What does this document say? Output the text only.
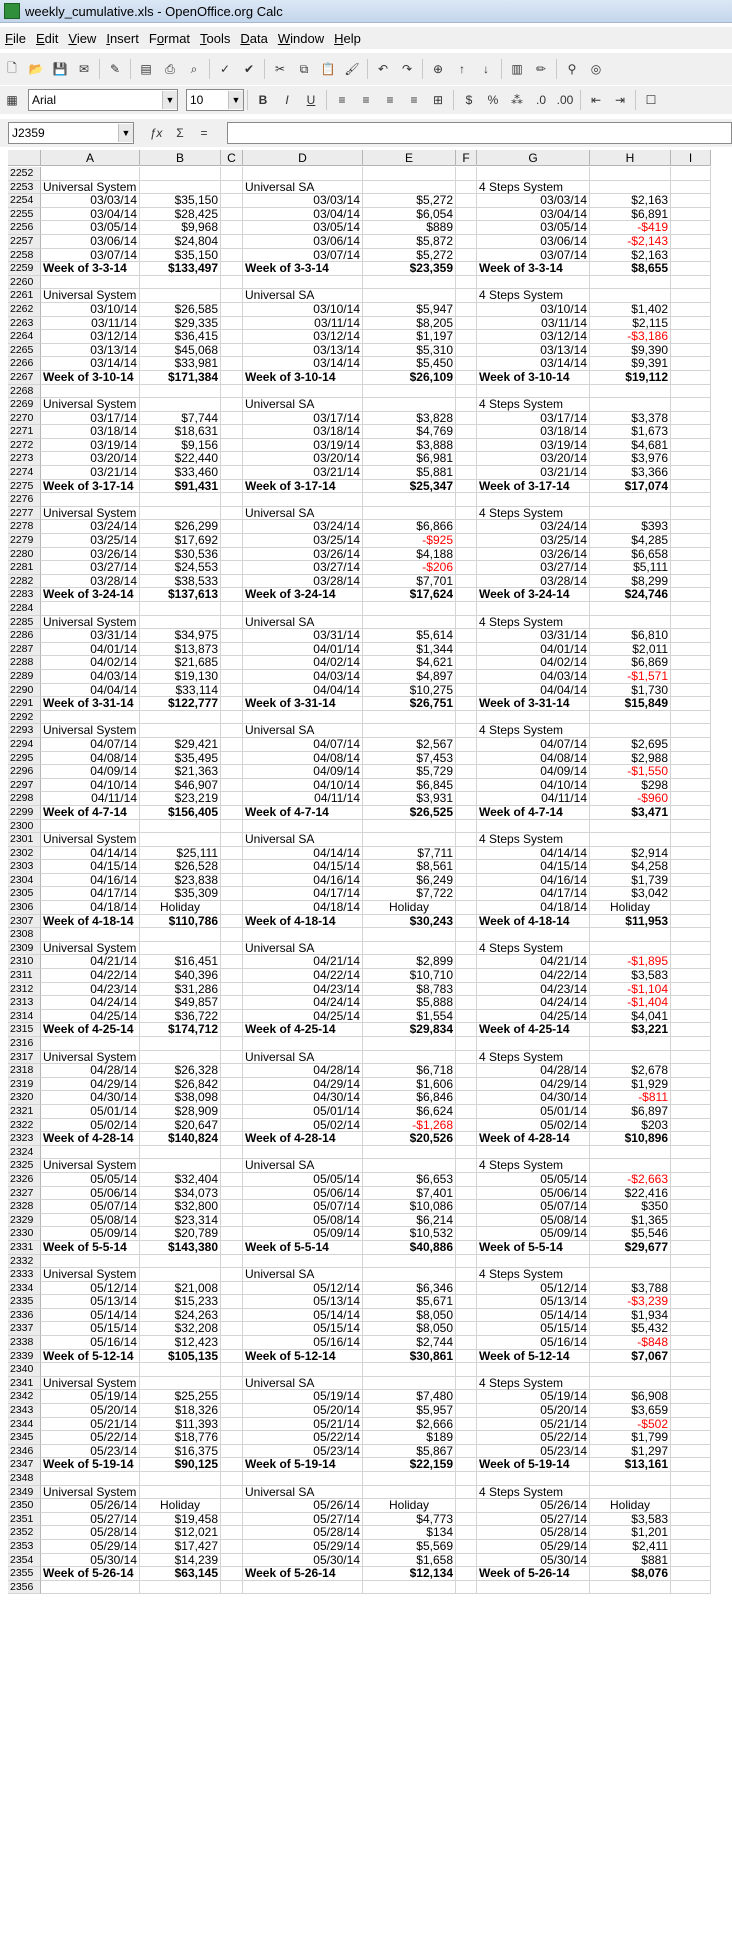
weekly_cumulative.xls - OpenOffice.org Calc
File Edit View Insert Format Tools Data Window Help
🗋 📂 💾 ✉	✎	▤	⎙	⌕	✓	✔	✂	⧉	📋 🖌	↶	↷	⊕	↑	↓	▥	✏	⚲	◎
▦	Arial	▼ 10	▼	B	I	U	≡	≡	≡	≡	⊞	$	%	⁂	.0 .00	⇤	⇥	☐
J2359	▼	ƒx	Σ	=
A	B	C	D	E	F	G	H	I
2252
2253 Universal System	Universal SA	4 Steps System
2254	03/03/14	$35,150	03/03/14	$5,272	03/03/14	$2,163
2255	03/04/14	$28,425	03/04/14	$6,054	03/04/14	$6,891
2256	03/05/14	$9,968	03/05/14	$889	03/05/14	-$419
2257	03/06/14	$24,804	03/06/14	$5,872	03/06/14	-$2,143
2258	03/07/14	$35,150	03/07/14	$5,272	03/07/14	$2,163
2259 Week of 3-3-14	$133,497 Week of 3-3-14	$23,359 Week of 3-3-14	$8,655
2260
2261 Universal System	Universal SA	4 Steps System
2262	03/10/14	$26,585	03/10/14	$5,947	03/10/14	$1,402
2263	03/11/14	$29,335	03/11/14	$8,205	03/11/14	$2,115
2264	03/12/14	$36,415	03/12/14	$1,197	03/12/14	-$3,186
2265	03/13/14	$45,068	03/13/14	$5,310	03/13/14	$9,390
2266	03/14/14	$33,981	03/14/14	$5,450	03/14/14	$9,391
2267 Week of 3-10-14	$171,384 Week of 3-10-14	$26,109 Week of 3-10-14	$19,112
2268
2269 Universal System	Universal SA	4 Steps System
2270	03/17/14	$7,744	03/17/14	$3,828	03/17/14	$3,378
2271	03/18/14	$18,631	03/18/14	$4,769	03/18/14	$1,673
2272	03/19/14	$9,156	03/19/14	$3,888	03/19/14	$4,681
2273	03/20/14	$22,440	03/20/14	$6,981	03/20/14	$3,976
2274	03/21/14	$33,460	03/21/14	$5,881	03/21/14	$3,366
2275 Week of 3-17-14	$91,431 Week of 3-17-14	$25,347 Week of 3-17-14	$17,074
2276
2277 Universal System	Universal SA	4 Steps System
2278	03/24/14	$26,299	03/24/14	$6,866	03/24/14	$393
2279	03/25/14	$17,692	03/25/14	-$925	03/25/14	$4,285
2280	03/26/14	$30,536	03/26/14	$4,188	03/26/14	$6,658
2281	03/27/14	$24,553	03/27/14	-$206	03/27/14	$5,111
2282	03/28/14	$38,533	03/28/14	$7,701	03/28/14	$8,299
2283 Week of 3-24-14	$137,613 Week of 3-24-14	$17,624 Week of 3-24-14	$24,746
2284
2285 Universal System	Universal SA	4 Steps System
2286	03/31/14	$34,975	03/31/14	$5,614	03/31/14	$6,810
2287	04/01/14	$13,873	04/01/14	$1,344	04/01/14	$2,011
2288	04/02/14	$21,685	04/02/14	$4,621	04/02/14	$6,869
2289	04/03/14	$19,130	04/03/14	$4,897	04/03/14	-$1,571
2290	04/04/14	$33,114	04/04/14	$10,275	04/04/14	$1,730
2291 Week of 3-31-14	$122,777 Week of 3-31-14	$26,751 Week of 3-31-14	$15,849
2292
2293 Universal System	Universal SA	4 Steps System
2294	04/07/14	$29,421	04/07/14	$2,567	04/07/14	$2,695
2295	04/08/14	$35,495	04/08/14	$7,453	04/08/14	$2,988
2296	04/09/14	$21,363	04/09/14	$5,729	04/09/14	-$1,550
2297	04/10/14	$46,907	04/10/14	$6,845	04/10/14	$298
2298	04/11/14	$23,219	04/11/14	$3,931	04/11/14	-$960
2299 Week of 4-7-14	$156,405 Week of 4-7-14	$26,525 Week of 4-7-14	$3,471
2300
2301 Universal System	Universal SA	4 Steps System
2302	04/14/14	$25,111	04/14/14	$7,711	04/14/14	$2,914
2303	04/15/14	$26,528	04/15/14	$8,561	04/15/14	$4,258
2304	04/16/14	$23,838	04/16/14	$6,249	04/16/14	$1,739
2305	04/17/14	$35,309	04/17/14	$7,722	04/17/14	$3,042
2306	04/18/14	Holiday	04/18/14	Holiday	04/18/14	Holiday
2307 Week of 4-18-14	$110,786 Week of 4-18-14	$30,243 Week of 4-18-14	$11,953
2308
2309 Universal System	Universal SA	4 Steps System
2310	04/21/14	$16,451	04/21/14	$2,899	04/21/14	-$1,895
2311	04/22/14	$40,396	04/22/14	$10,710	04/22/14	$3,583
2312	04/23/14	$31,286	04/23/14	$8,783	04/23/14	-$1,104
2313	04/24/14	$49,857	04/24/14	$5,888	04/24/14	-$1,404
2314	04/25/14	$36,722	04/25/14	$1,554	04/25/14	$4,041
2315 Week of 4-25-14	$174,712 Week of 4-25-14	$29,834 Week of 4-25-14	$3,221
2316
2317 Universal System	Universal SA	4 Steps System
2318	04/28/14	$26,328	04/28/14	$6,718	04/28/14	$2,678
2319	04/29/14	$26,842	04/29/14	$1,606	04/29/14	$1,929
2320	04/30/14	$38,098	04/30/14	$6,846	04/30/14	-$811
2321	05/01/14	$28,909	05/01/14	$6,624	05/01/14	$6,897
2322	05/02/14	$20,647	05/02/14	-$1,268	05/02/14	$203
2323 Week of 4-28-14	$140,824 Week of 4-28-14	$20,526 Week of 4-28-14	$10,896
2324
2325 Universal System	Universal SA	4 Steps System
2326	05/05/14	$32,404	05/05/14	$6,653	05/05/14	-$2,663
2327	05/06/14	$34,073	05/06/14	$7,401	05/06/14	$22,416
2328	05/07/14	$32,800	05/07/14	$10,086	05/07/14	$350
2329	05/08/14	$23,314	05/08/14	$6,214	05/08/14	$1,365
2330	05/09/14	$20,789	05/09/14	$10,532	05/09/14	$5,546
2331 Week of 5-5-14	$143,380 Week of 5-5-14	$40,886 Week of 5-5-14	$29,677
2332
2333 Universal System	Universal SA	4 Steps System
2334	05/12/14	$21,008	05/12/14	$6,346	05/12/14	$3,788
2335	05/13/14	$15,233	05/13/14	$5,671	05/13/14	-$3,239
2336	05/14/14	$24,263	05/14/14	$8,050	05/14/14	$1,934
2337	05/15/14	$32,208	05/15/14	$8,050	05/15/14	$5,432
2338	05/16/14	$12,423	05/16/14	$2,744	05/16/14	-$848
2339 Week of 5-12-14	$105,135 Week of 5-12-14	$30,861 Week of 5-12-14	$7,067
2340
2341 Universal System	Universal SA	4 Steps System
2342	05/19/14	$25,255	05/19/14	$7,480	05/19/14	$6,908
2343	05/20/14	$18,326	05/20/14	$5,957	05/20/14	$3,659
2344	05/21/14	$11,393	05/21/14	$2,666	05/21/14	-$502
2345	05/22/14	$18,776	05/22/14	$189	05/22/14	$1,799
2346	05/23/14	$16,375	05/23/14	$5,867	05/23/14	$1,297
2347 Week of 5-19-14	$90,125 Week of 5-19-14	$22,159 Week of 5-19-14	$13,161
2348
2349 Universal System	Universal SA	4 Steps System
2350	05/26/14	Holiday	05/26/14	Holiday	05/26/14	Holiday
2351	05/27/14	$19,458	05/27/14	$4,773	05/27/14	$3,583
2352	05/28/14	$12,021	05/28/14	$134	05/28/14	$1,201
2353	05/29/14	$17,427	05/29/14	$5,569	05/29/14	$2,411
2354	05/30/14	$14,239	05/30/14	$1,658	05/30/14	$881
2355 Week of 5-26-14	$63,145 Week of 5-26-14	$12,134 Week of 5-26-14	$8,076
2356
